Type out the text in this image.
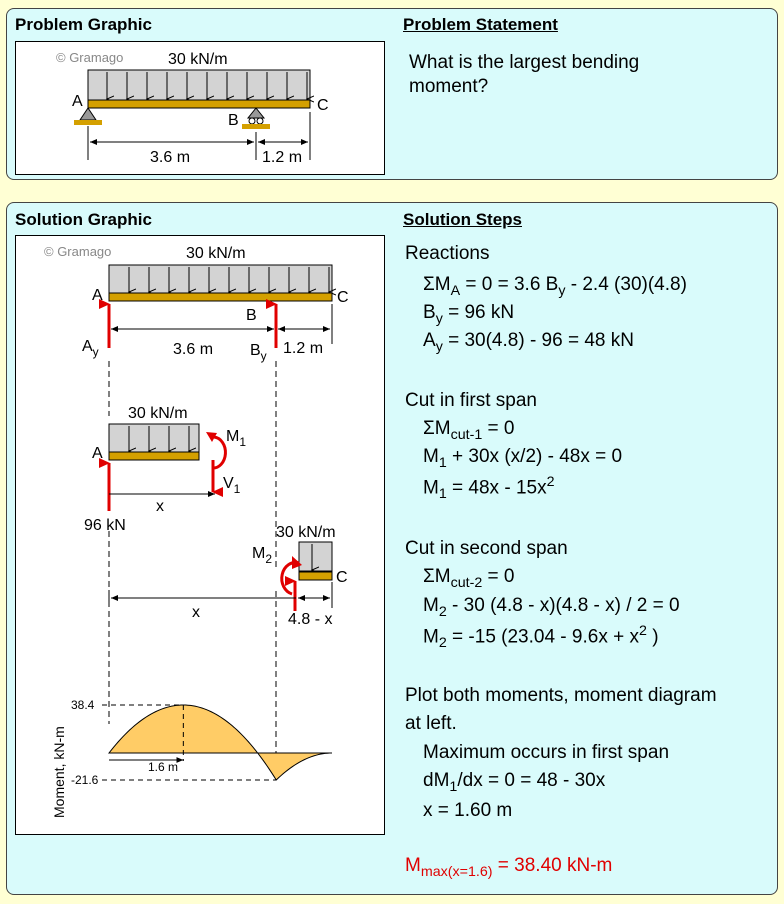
Problem Graphic	Problem Statement
What is the largest bending
moment?
© Gramago	30 kN/m
A	C
B
3.6 m	1.2 m
Solution Graphic	Solution Steps
© Gramago	30 kN/m
A	C
B
$A_y$	$B_y$
3.6 m	1.2 m
30 kN/m
A
$M_1$
$V_1$
x
96 kN	30 kN/m
C
$M_2$
x	4.8 - x
38.4
-21.6
1.6 m
Moment, kN-m
Reactions
$\Sigma M_A = 0 = 3.6$ $B_y - 2.4$ (30)(4.8)
$B_y = 96$ kN
$A_y = 30(4.8) - 96 = 48$ kN
Cut in first span
$\Sigma M_{cut-1} = 0$
$M_1 + 30x$ (x/2) - 48x = 0
$M_1 = 48x - 15x^2$
Cut in second span
$\Sigma M_{cut-2} = 0$
$M_2 - 30$ (4.8 - x)(4.8 - x) / 2 = 0
$M_2 = -15$ ($23.04 - 9.6x + x^2$ )
Plot both moments, moment diagram
at left.
Maximum occurs in first span
$dM_1/dx = 0 = 48 - 30x$
x = 1.60 m
$M_{max(x=1.6)} = 38.40$ kN-m
